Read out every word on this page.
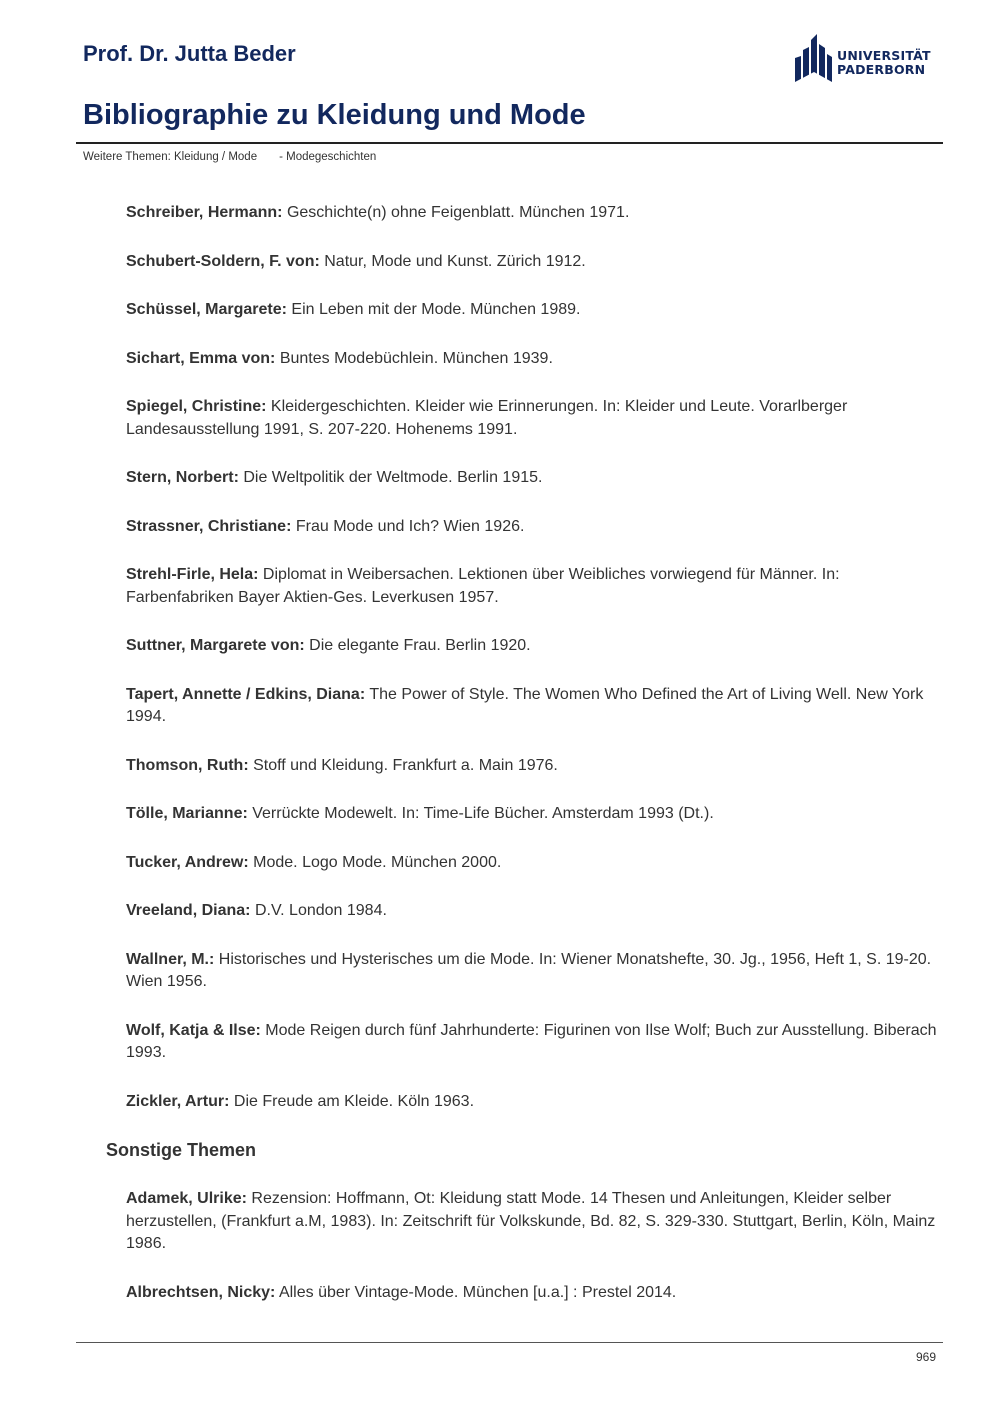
Prof. Dr. Jutta Beder	UNIVERSITÄT
PADERBORN
Bibliographie zu Kleidung und Mode
Weitere Themen: Kleidung / Mode - Modegeschichten

Schreiber, Hermann: Geschichte(n) ohne Feigenblatt. München 1971.

Schubert-Soldern, F. von: Natur, Mode und Kunst. Zürich 1912.

Schüssel, Margarete: Ein Leben mit der Mode. München 1989.

Sichart, Emma von: Buntes Modebüchlein. München 1939.

Spiegel, Christine: Kleidergeschichten. Kleider wie Erinnerungen. In: Kleider und Leute. Vorarlberger Landesausstellung 1991, S. 207-220. Hohenems 1991.

Stern, Norbert: Die Weltpolitik der Weltmode. Berlin 1915.

Strassner, Christiane: Frau Mode und Ich? Wien 1926.

Strehl-Firle, Hela: Diplomat in Weibersachen. Lektionen über Weibliches vorwiegend für Männer. In: Farbenfabriken Bayer Aktien-Ges. Leverkusen 1957.

Suttner, Margarete von: Die elegante Frau. Berlin 1920.

Tapert, Annette / Edkins, Diana: The Power of Style. The Women Who Defined the Art of Living Well. New York 1994.

Thomson, Ruth: Stoff und Kleidung. Frankfurt a. Main 1976.

Tölle, Marianne: Verrückte Modewelt. In: Time-Life Bücher. Amsterdam 1993 (Dt.).

Tucker, Andrew: Mode. Logo Mode. München 2000.

Vreeland, Diana: D.V. London 1984.

Wallner, M.: Historisches und Hysterisches um die Mode. In: Wiener Monatshefte, 30. Jg., 1956, Heft 1, S. 19-20. Wien 1956.

Wolf, Katja & Ilse: Mode Reigen durch fünf Jahrhunderte: Figurinen von Ilse Wolf; Buch zur Ausstellung. Biberach 1993.

Zickler, Artur: Die Freude am Kleide. Köln 1963.

Sonstige Themen

Adamek, Ulrike: Rezension: Hoffmann, Ot: Kleidung statt Mode. 14 Thesen und Anleitungen, Kleider selber herzustellen, (Frankfurt a.M, 1983). In: Zeitschrift für Volkskunde, Bd. 82, S. 329-330. Stuttgart, Berlin, Köln, Mainz 1986.

Albrechtsen, Nicky: Alles über Vintage-Mode. München [u.a.] : Prestel 2014.

969
